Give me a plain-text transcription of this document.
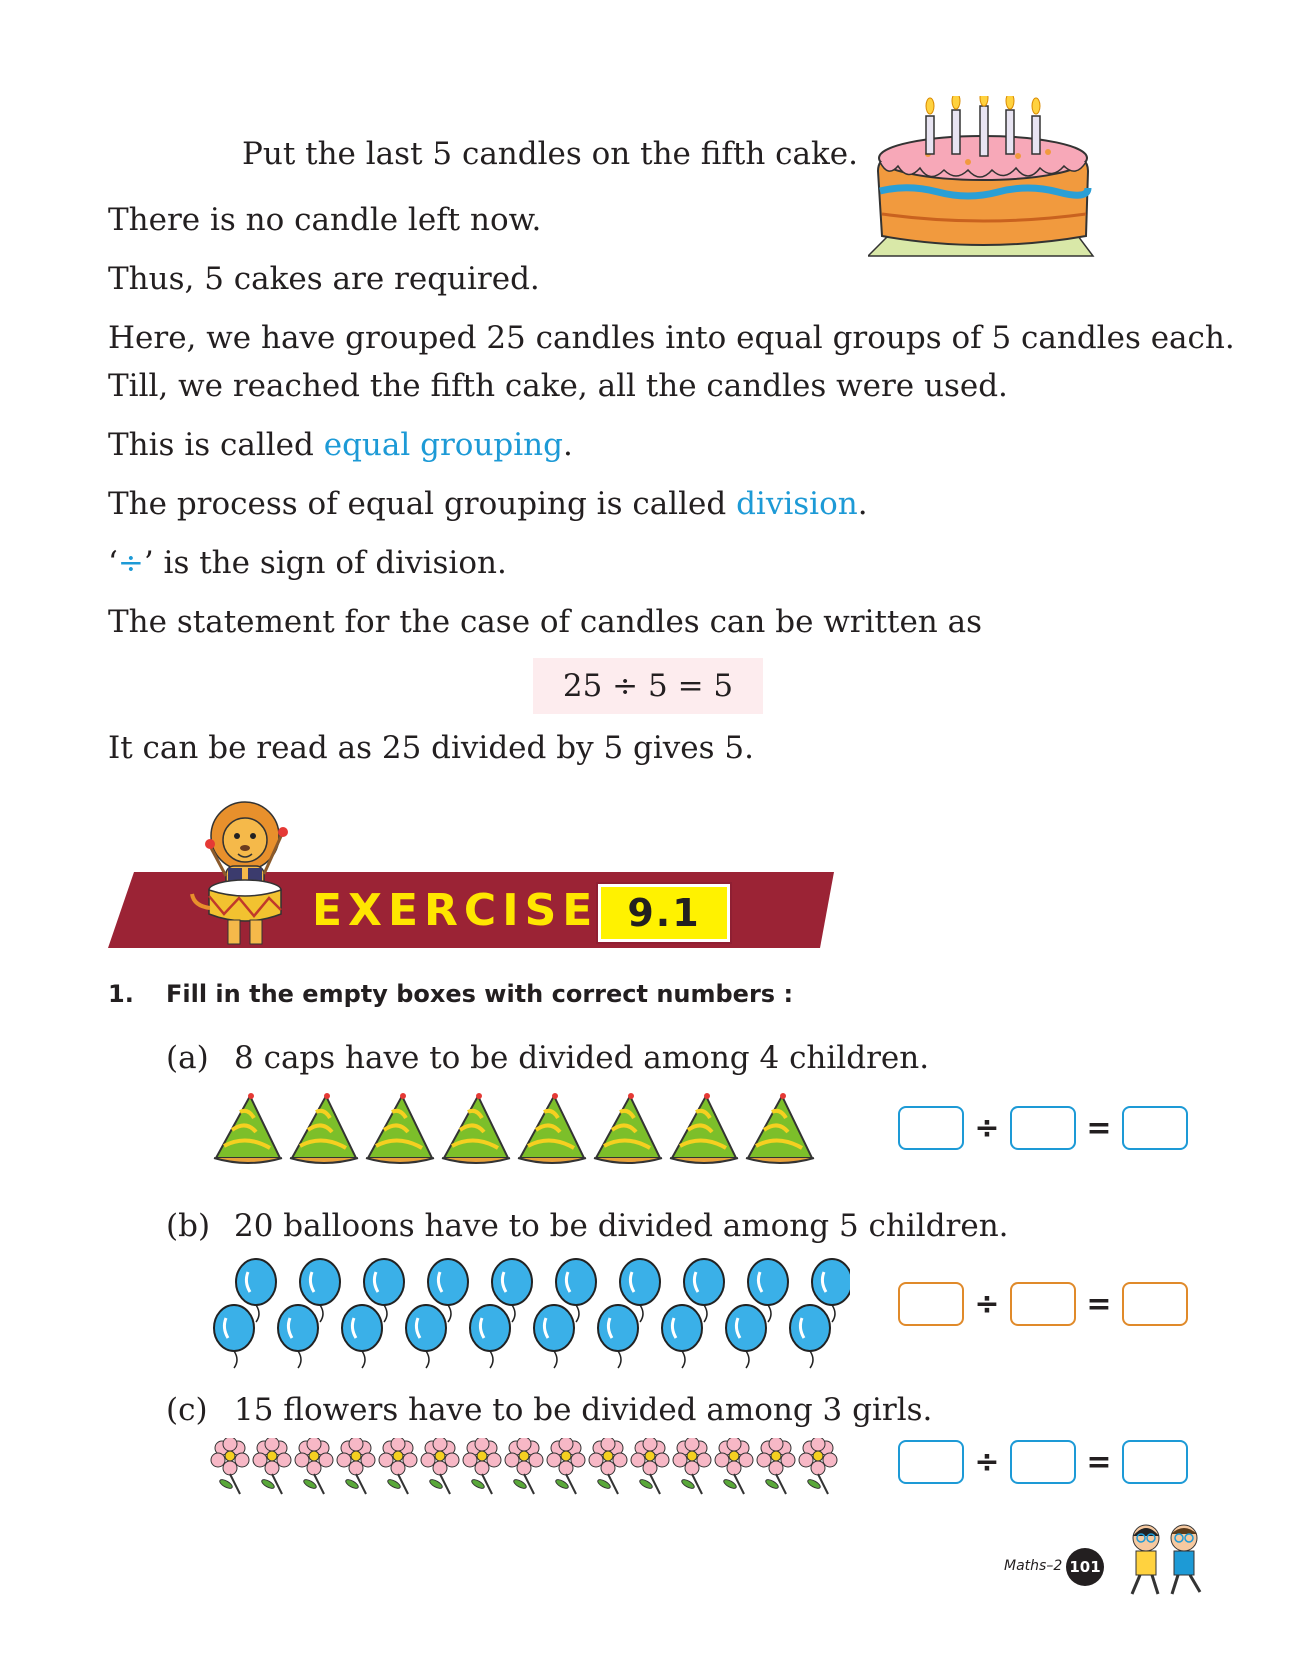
Put the last 5 candles on the fifth cake.
There is no candle left now.
Thus, 5 cakes are required.
Here, we have grouped 25 candles into equal groups of 5 candles each.
Till, we reached the fifth cake, all the candles were used.
This is called equal grouping.
The process of equal grouping is called division.
‘÷’ is the sign of division.
The statement for the case of candles can be written as
25 ÷ 5 = 5
It can be read as 25 divided by 5 gives 5.
EXERCISE 9.1
1. Fill in the empty boxes with correct numbers :
(a) 8 caps have to be divided among 4 children.
÷	=
(b) 20 balloons have to be divided among 5 children.
÷	=
(c) 15 flowers have to be divided among 3 girls.
÷	=
Maths–2 101
